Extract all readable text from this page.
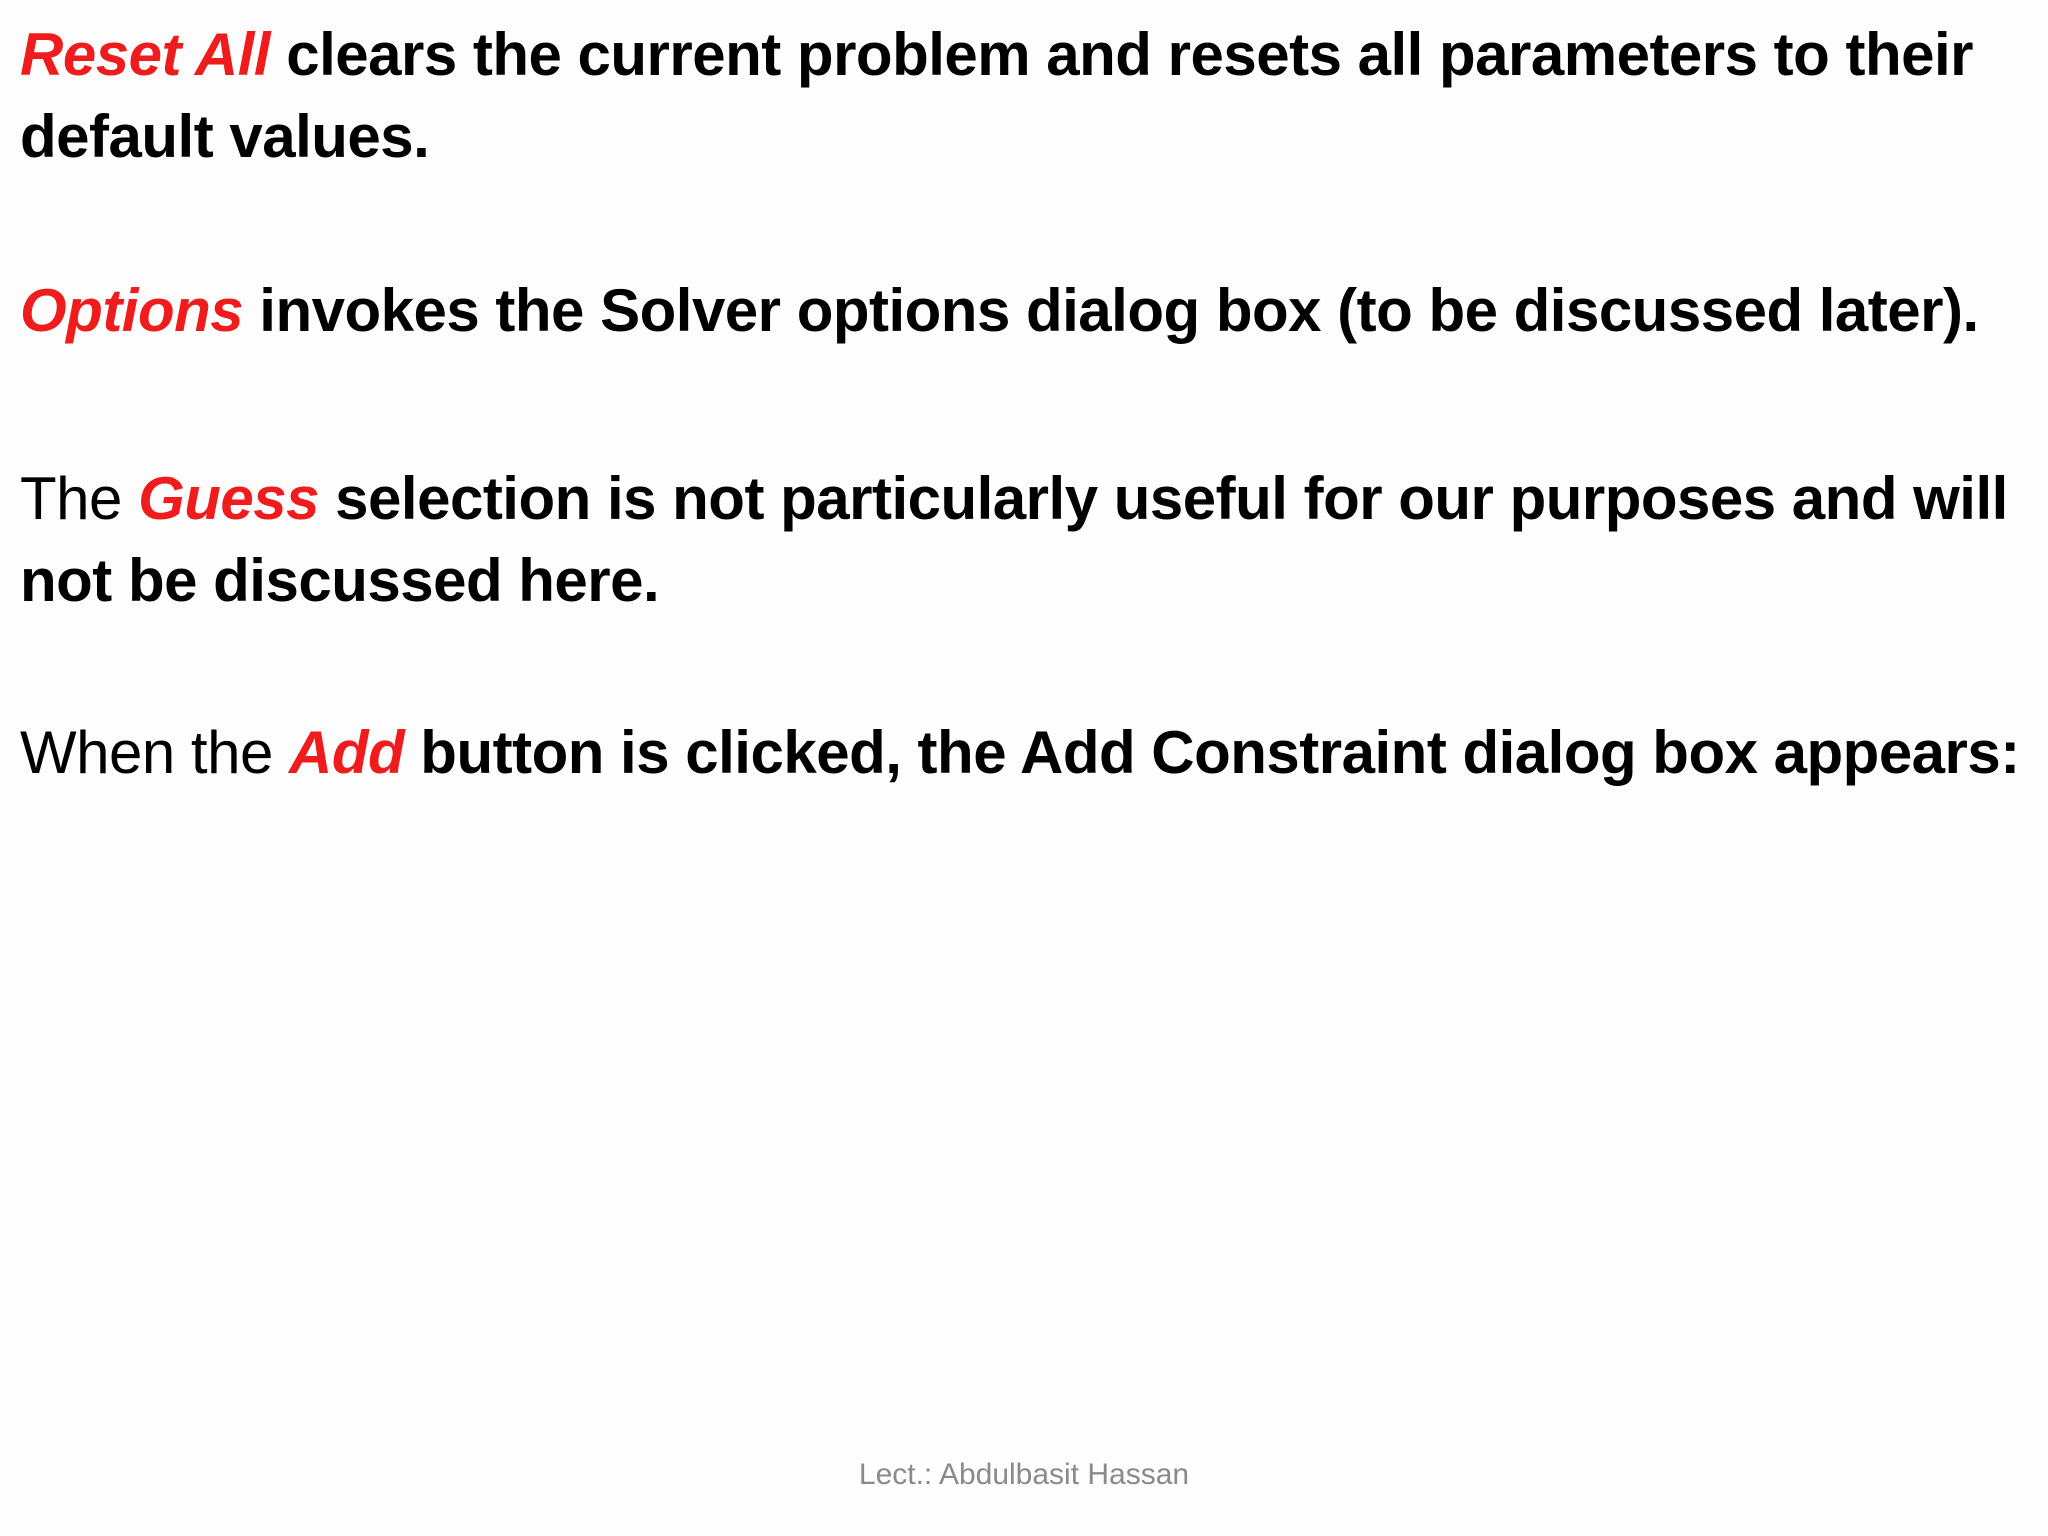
Reset All clears the current problem and resets all parameters to their default values.

Options invokes the Solver options dialog box (to be discussed later).

The Guess selection is not particularly useful for our purposes and will not be discussed here.

When the Add button is clicked, the Add Constraint dialog box appears:

Lect.: Abdulbasit Hassan
